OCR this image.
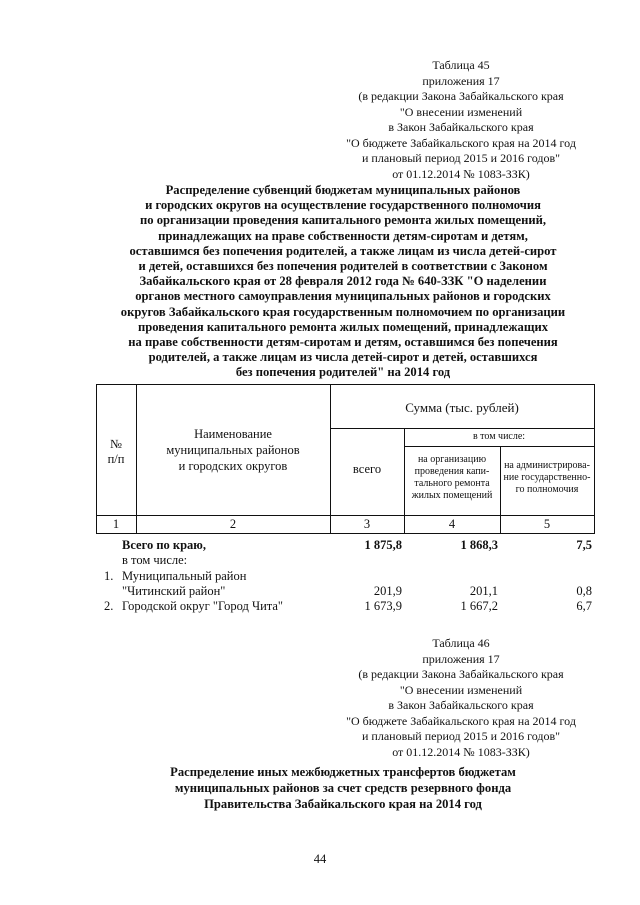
Таблица 45
приложения 17
(в редакции Закона Забайкальского края
"О внесении изменений
в Закон Забайкальского края
"О бюджете Забайкальского края на 2014 год
и плановый период 2015 и 2016 годов"
от 01.12.2014 № 1083-ЗЗК)
Распределение субвенций бюджетам муниципальных районов
и городских округов на осуществление государственного полномочия
по организации проведения капитального ремонта жилых помещений,
принадлежащих на праве собственности детям-сиротам и детям,
оставшимся без попечения родителей, а также лицам из числа детей-сирот
и детей, оставшихся без попечения родителей в соответствии с Законом
Забайкальского края от 28 февраля 2012 года № 640-ЗЗК "О наделении
органов местного самоуправления муниципальных районов и городских
округов Забайкальского края государственным полномочием по организации
проведения капитального ремонта жилых помещений, принадлежащих
на праве собственности детям-сиротам и детям, оставшимся без попечения
родителей, а также лицам из числа детей-сирот и детей, оставшихся
без попечения родителей" на 2014 год
№
п/п
Наименование
муниципальных районов
и городских округов
Сумма (тыс. рублей)
в том числе:
всего
на организацию
проведения капи-
тального ремонта
жилых помещений
на администрирова-
ние государственно-
го полномочия
1	2	3	4	5
Всего по краю,	1 875,8	1 868,3	7,5
в том числе:
1. Муниципальный район
"Читинский район"	201,9	201,1	0,8
2. Городской округ "Город Чита"	1 673,9	1 667,2	6,7
Таблица 46
приложения 17
(в редакции Закона Забайкальского края
"О внесении изменений
в Закон Забайкальского края
"О бюджете Забайкальского края на 2014 год
и плановый период 2015 и 2016 годов"
от 01.12.2014 № 1083-ЗЗК)
Распределение иных межбюджетных трансфертов бюджетам
муниципальных районов за счет средств резервного фонда
Правительства Забайкальского края на 2014 год
44
